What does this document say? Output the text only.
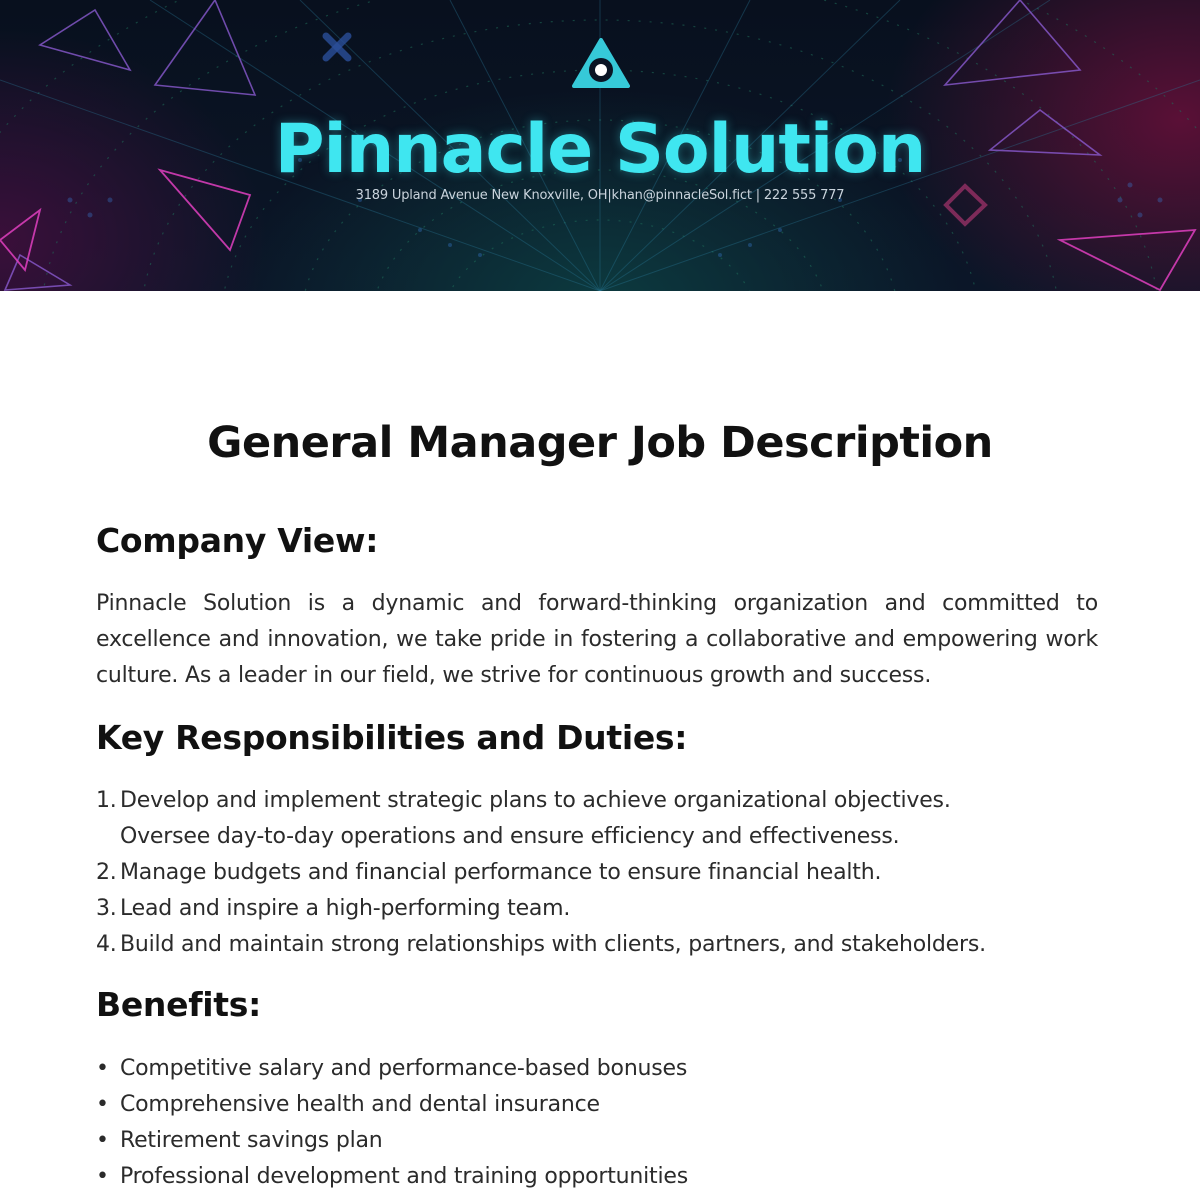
Pinnacle Solution
3189 Upland Avenue New Knoxville, OH|khan@pinnacleSol.fict | 222 555 777
General Manager Job Description
Company View:

Pinnacle Solution is a dynamic and forward-thinking organization and committed to excellence and innovation, we take pride in fostering a collaborative and empowering work culture. As a leader in our field, we strive for continuous growth and success.

Key Responsibilities and Duties:
1. Develop and implement strategic plans to achieve organizational objectives.
Oversee day-to-day operations and ensure efficiency and effectiveness.
2. Manage budgets and financial performance to ensure financial health.
3. Lead and inspire a high-performing team.
4. Build and maintain strong relationships with clients, partners, and stakeholders.
Benefits:
• Competitive salary and performance-based bonuses
• Comprehensive health and dental insurance
• Retirement savings plan
• Professional development and training opportunities
